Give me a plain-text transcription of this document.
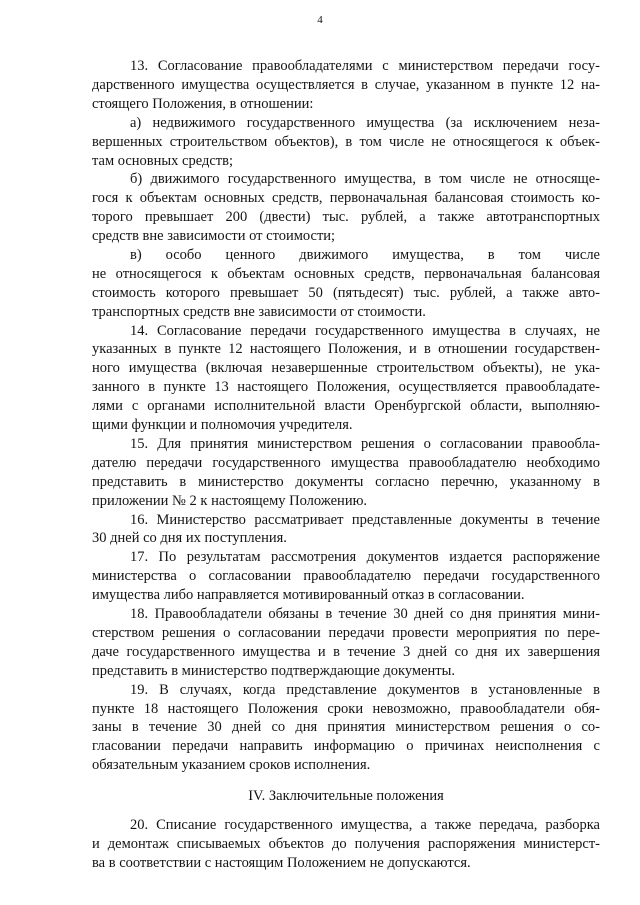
4
13. Согласование правообладателями с министерством передачи госу-
дарственного имущества осуществляется в случае, указанном в пункте 12 на-
стоящего Положения, в отношении:
а) недвижимого государственного имущества (за исключением неза-
вершенных строительством объектов), в том числе не относящегося к объек-
там основных средств;
б) движимого государственного имущества, в том числе не относяще-
гося к объектам основных средств, первоначальная балансовая стоимость ко-
торого превышает 200 (двести) тыс. рублей, а также автотранспортных
средств вне зависимости от стоимости;
в) особо ценного движимого имущества, в том числе
не относящегося к объектам основных средств, первоначальная балансовая
стоимость которого превышает 50 (пятьдесят) тыс. рублей, а также авто-
транспортных средств вне зависимости от стоимости.
14. Согласование передачи государственного имущества в случаях, не
указанных в пункте 12 настоящего Положения, и в отношении государствен-
ного имущества (включая незавершенные строительством объекты), не ука-
занного в пункте 13 настоящего Положения, осуществляется правообладате-
лями с органами исполнительной власти Оренбургской области, выполняю-
щими функции и полномочия учредителя.
15. Для принятия министерством решения о согласовании правообла-
дателю передачи государственного имущества правообладателю необходимо
представить в министерство документы согласно перечню, указанному в
приложении № 2 к настоящему Положению.
16. Министерство рассматривает представленные документы в течение
30 дней со дня их поступления.
17. По результатам рассмотрения документов издается распоряжение
министерства о согласовании правообладателю передачи государственного
имущества либо направляется мотивированный отказ в согласовании.
18. Правообладатели обязаны в течение 30 дней со дня принятия мини-
стерством решения о согласовании передачи провести мероприятия по пере-
даче государственного имущества и в течение 3 дней со дня их завершения
представить в министерство подтверждающие документы.
19. В случаях, когда представление документов в установленные в
пункте 18 настоящего Положения сроки невозможно, правообладатели обя-
заны в течение 30 дней со дня принятия министерством решения о со-
гласовании передачи направить информацию о причинах неисполнения с
обязательным указанием сроков исполнения.
IV. Заключительные положения
20. Списание государственного имущества, а также передача, разборка
и демонтаж списываемых объектов до получения распоряжения министерст-
ва в соответствии с настоящим Положением не допускаются.
